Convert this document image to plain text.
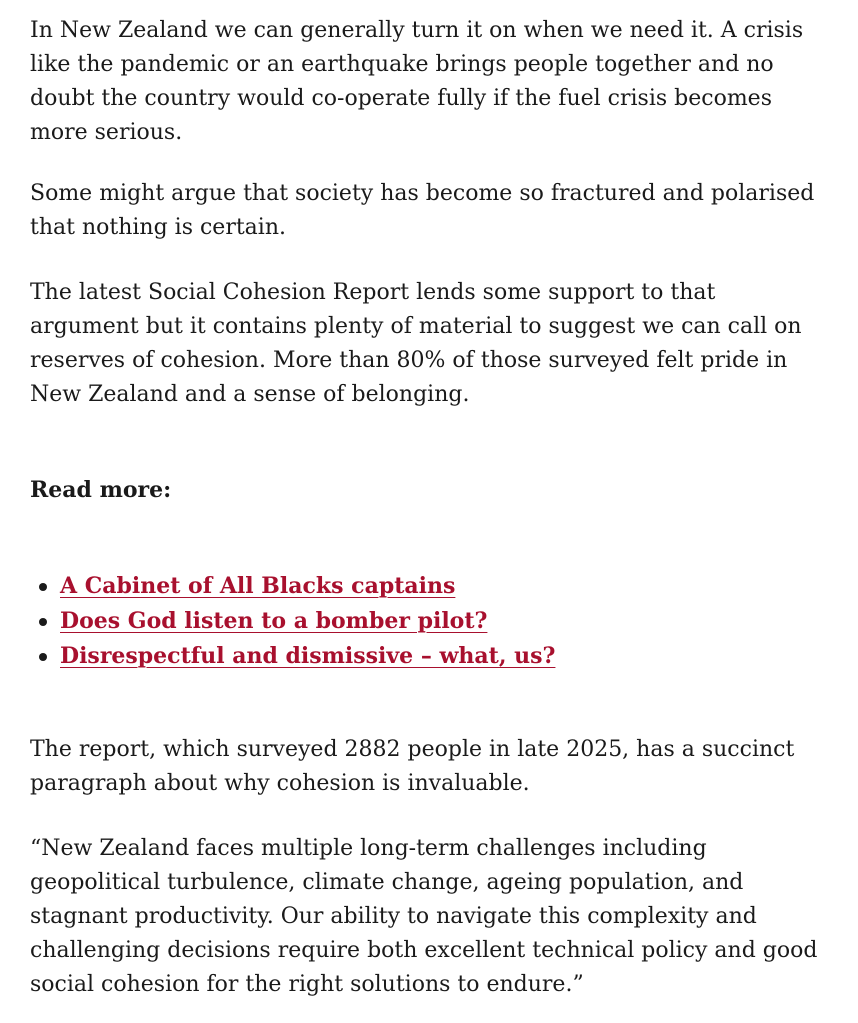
In New Zealand we can generally turn it on when we need it. A crisis like the pandemic or an earthquake brings people together and no doubt the country would co-operate fully if the fuel crisis becomes more serious.

Some might argue that society has become so fractured and polarised that nothing is certain.

The latest Social Cohesion Report lends some support to that argument but it contains plenty of material to suggest we can call on reserves of cohesion. More than 80% of those surveyed felt pride in New Zealand and a sense of belonging.

Read more:

A Cabinet of All Blacks captains
Does God listen to a bomber pilot?
Disrespectful and dismissive – what, us?

The report, which surveyed 2882 people in late 2025, has a succinct paragraph about why cohesion is invaluable.

“New Zealand faces multiple long-term challenges including geopolitical turbulence, climate change, ageing population, and stagnant productivity. Our ability to navigate this complexity and challenging decisions require both excellent technical policy and good social cohesion for the right solutions to endure.”
